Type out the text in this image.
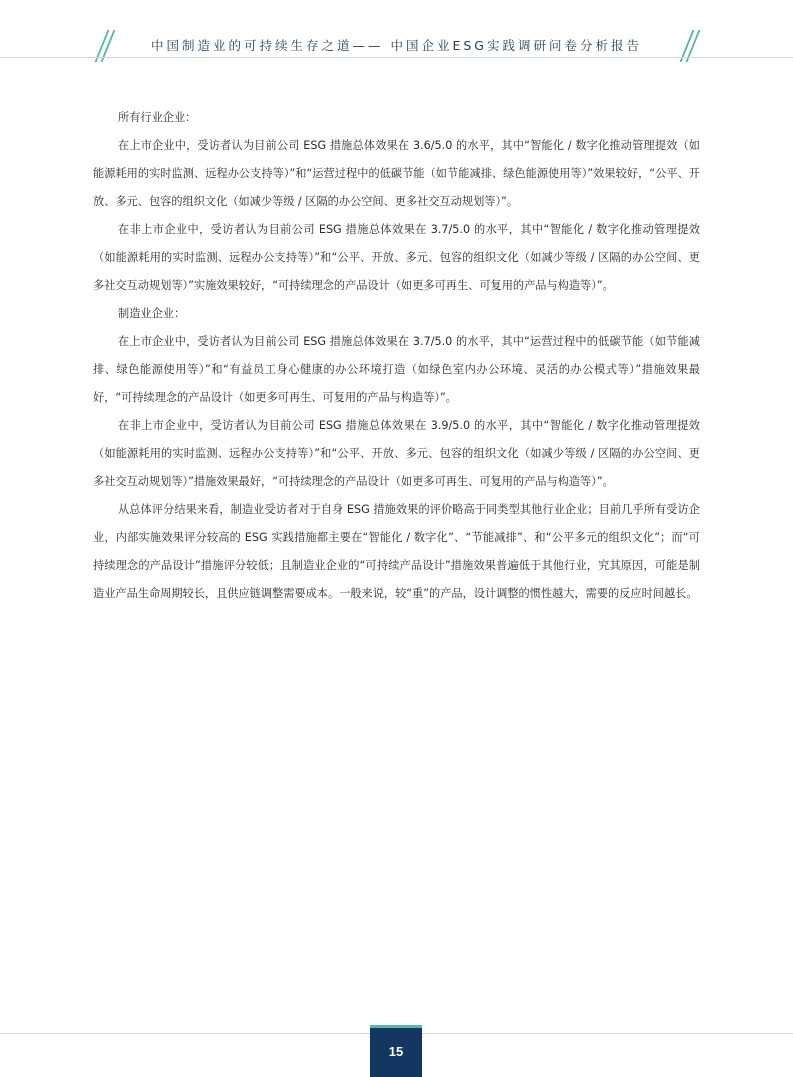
中国制造业的可持续生存之道—— 中国企业ESG实践调研问卷分析报告

所有行业企业：

在上市企业中，受访者认为目前公司 ESG 措施总体效果在 3.6/5.0 的水平，其中“智能化 / 数字化推动管理提效（如能源耗用的实时监测、远程办公支持等）”和“运营过程中的低碳节能（如节能减排、绿色能源使用等）”效果较好，“公平、开放、多元、包容的组织文化（如减少等级 / 区隔的办公空间、更多社交互动规划等）”。

在非上市企业中，受访者认为目前公司 ESG 措施总体效果在 3.7/5.0 的水平，其中“智能化 / 数字化推动管理提效（如能源耗用的实时监测、远程办公支持等）”和“公平、开放、多元、包容的组织文化（如减少等级 / 区隔的办公空间、更多社交互动规划等）”实施效果较好，“可持续理念的产品设计（如更多可再生、可复用的产品与构造等）”。

制造业企业：

在上市企业中，受访者认为目前公司 ESG 措施总体效果在 3.7/5.0 的水平，其中“运营过程中的低碳节能（如节能减排、绿色能源使用等）”和“有益员工身心健康的办公环境打造（如绿色室内办公环境、灵活的办公模式等）”措施效果最好，“可持续理念的产品设计（如更多可再生、可复用的产品与构造等）”。

在非上市企业中，受访者认为目前公司 ESG 措施总体效果在 3.9/5.0 的水平，其中“智能化 / 数字化推动管理提效（如能源耗用的实时监测、远程办公支持等）”和“公平、开放、多元、包容的组织文化（如减少等级 / 区隔的办公空间、更多社交互动规划等）”措施效果最好，“可持续理念的产品设计（如更多可再生、可复用的产品与构造等）”。

从总体评分结果来看，制造业受访者对于自身 ESG 措施效果的评价略高于同类型其他行业企业；目前几乎所有受访企业，内部实施效果评分较高的 ESG 实践措施都主要在“智能化 / 数字化”、“节能减排”、和“公平多元的组织文化”；而“可持续理念的产品设计”措施评分较低；且制造业企业的“可持续产品设计”措施效果普遍低于其他行业，究其原因，可能是制造业产品生命周期较长，且供应链调整需要成本。一般来说，较“重”的产品，设计调整的惯性越大，需要的反应时间越长。

15
